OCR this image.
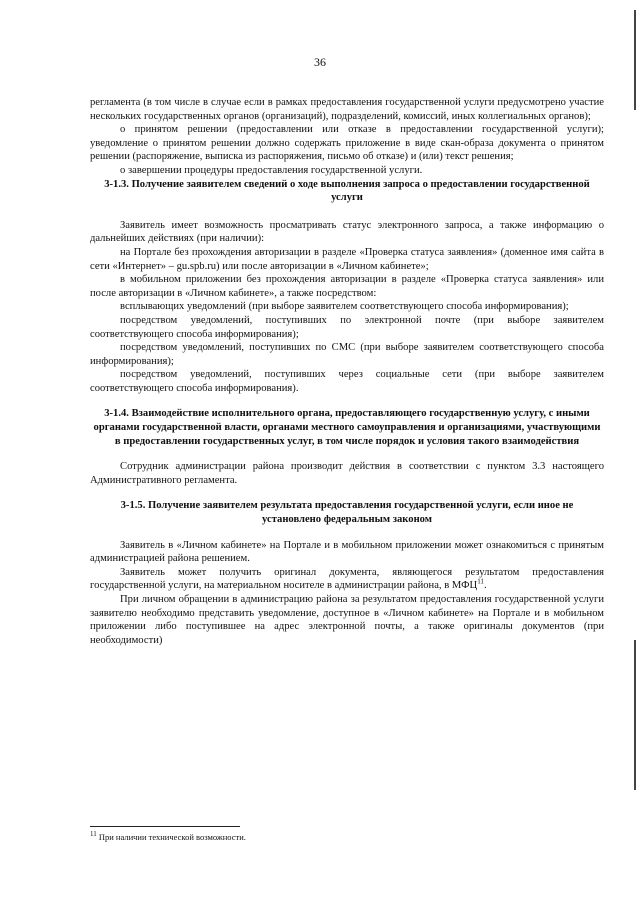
36

регламента (в том числе в случае если в рамках предоставления государственной услуги предусмотрено участие нескольких государственных органов (организаций), подразделений, комиссий, иных коллегиальных органов);

о принятом решении (предоставлении или отказе в предоставлении государственной услуги); уведомление о принятом решении должно содержать приложение в виде скан-образа документа о принятом решении (распоряжение, выписка из распоряжения, письмо об отказе) и (или) текст решения;

о завершении процедуры предоставления государственной услуги.

3-1.3. Получение заявителем сведений о ходе выполнения запроса о предоставлении государственной услуги

Заявитель имеет возможность просматривать статус электронного запроса, а также информацию о дальнейших действиях (при наличии):

на Портале без прохождения авторизации в разделе «Проверка статуса заявления» (доменное имя сайта в сети «Интернет» – gu.spb.ru) или после авторизации в «Личном кабинете»;

в мобильном приложении без прохождения авторизации в разделе «Проверка статуса заявления» или после авторизации в «Личном кабинете», а также посредством:

всплывающих уведомлений (при выборе заявителем соответствующего способа информирования);

посредством уведомлений, поступивших по электронной почте (при выборе заявителем соответствующего способа информирования);

посредством уведомлений, поступивших по СМС (при выборе заявителем соответствующего способа информирования);

посредством уведомлений, поступивших через социальные сети (при выборе заявителем соответствующего способа информирования).

3-1.4. Взаимодействие исполнительного органа, предоставляющего государственную услугу, с иными органами государственной власти, органами местного самоуправления и организациями, участвующими в предоставлении государственных услуг, в том числе порядок и условия такого взаимодействия

Сотрудник администрации района производит действия в соответствии с пунктом 3.3 настоящего Административного регламента.

3-1.5. Получение заявителем результата предоставления государственной услуги, если иное не установлено федеральным законом

Заявитель в «Личном кабинете» на Портале и в мобильном приложении может ознакомиться с принятым администрацией района решением.

Заявитель может получить оригинал документа, являющегося результатом предоставления государственной услуги, на материальном носителе в администрации района, в МФЦ$^{11}$.

При личном обращении в администрацию района за результатом предоставления государственной услуги заявителю необходимо представить уведомление, доступное в «Личном кабинете» на Портале и в мобильном приложении либо поступившее на адрес электронной почты, а также оригиналы документов (при необходимости)

$^{11}$ При наличии технической возможности.
